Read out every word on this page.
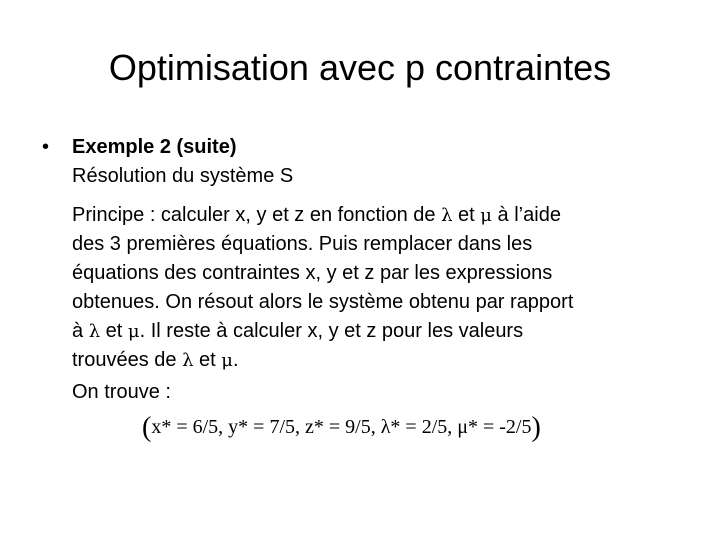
Optimisation avec p contraintes
• Exemple 2 (suite)
Résolution du système S
Principe : calculer x, y et z en fonction de λ et μ à l’aide
des 3 premières équations. Puis remplacer dans les
équations des contraintes x, y et z par les expressions
obtenues. On résout alors le système obtenu par rapport
à λ et μ. Il reste à calculer x, y et z pour les valeurs
trouvées de λ et μ.
On trouve :
(x* = 6/5, y* = 7/5, z* = 9/5, λ* = 2/5, μ* = -2/5)
